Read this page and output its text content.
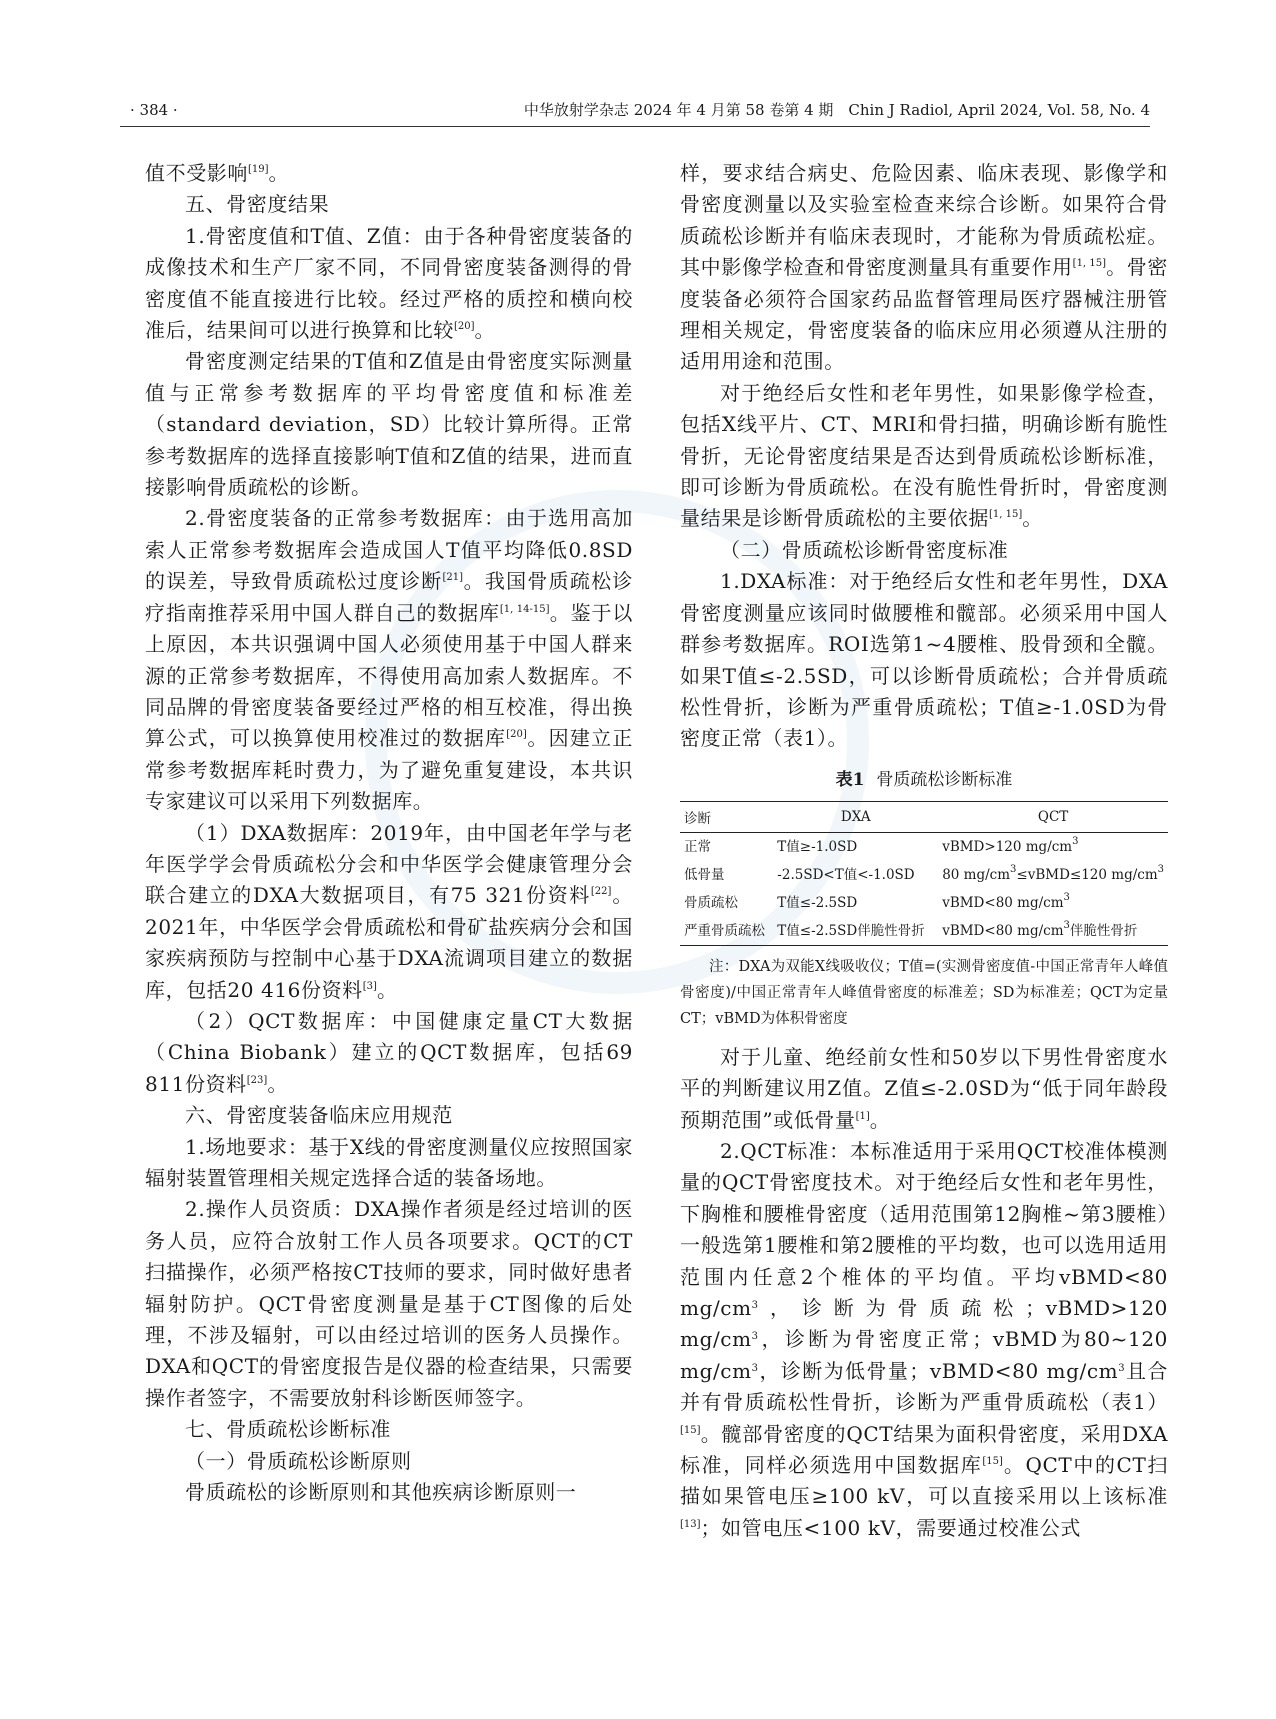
· 384 ·	中华放射学杂志 2024 年 4 月第 58 卷第 4 期　Chin J Radiol, April 2024, Vol. 58, No. 4

值不受影响[19]。

五、骨密度结果

1.骨密度值和T值、Z值：由于各种骨密度装备的成像技术和生产厂家不同，不同骨密度装备测得的骨密度值不能直接进行比较。经过严格的质控和横向校准后，结果间可以进行换算和比较[20]。

骨密度测定结果的T值和Z值是由骨密度实际测量值与正常参考数据库的平均骨密度值和标准差（standard deviation，SD）比较计算所得。正常参考数据库的选择直接影响T值和Z值的结果，进而直接影响骨质疏松的诊断。

2.骨密度装备的正常参考数据库：由于选用高加索人正常参考数据库会造成国人T值平均降低0.8SD的误差，导致骨质疏松过度诊断[21]。我国骨质疏松诊疗指南推荐采用中国人群自己的数据库[1, 14-15]。鉴于以上原因，本共识强调中国人必须使用基于中国人群来源的正常参考数据库，不得使用高加索人数据库。不同品牌的骨密度装备要经过严格的相互校准，得出换算公式，可以换算使用校准过的数据库[20]。因建立正常参考数据库耗时费力，为了避免重复建设，本共识专家建议可以采用下列数据库。

（1）DXA数据库：2019年，由中国老年学与老年医学学会骨质疏松分会和中华医学会健康管理分会联合建立的DXA大数据项目，有75 321份资料[22]。2021年，中华医学会骨质疏松和骨矿盐疾病分会和国家疾病预防与控制中心基于DXA流调项目建立的数据库，包括20 416份资料[3]。

（2）QCT数据库：中国健康定量CT大数据（China Biobank）建立的QCT数据库，包括69 811份资料[23]。

六、骨密度装备临床应用规范

1.场地要求：基于X线的骨密度测量仪应按照国家辐射装置管理相关规定选择合适的装备场地。

2.操作人员资质：DXA操作者须是经过培训的医务人员，应符合放射工作人员各项要求。QCT的CT扫描操作，必须严格按CT技师的要求，同时做好患者辐射防护。QCT骨密度测量是基于CT图像的后处理，不涉及辐射，可以由经过培训的医务人员操作。DXA和QCT的骨密度报告是仪器的检查结果，只需要操作者签字，不需要放射科诊断医师签字。

七、骨质疏松诊断标准

（一）骨质疏松诊断原则

骨质疏松的诊断原则和其他疾病诊断原则一

样，要求结合病史、危险因素、临床表现、影像学和骨密度测量以及实验室检查来综合诊断。如果符合骨质疏松诊断并有临床表现时，才能称为骨质疏松症。其中影像学检查和骨密度测量具有重要作用[1, 15]。骨密度装备必须符合国家药品监督管理局医疗器械注册管理相关规定，骨密度装备的临床应用必须遵从注册的适用用途和范围。

对于绝经后女性和老年男性，如果影像学检查，包括X线平片、CT、MRI和骨扫描，明确诊断有脆性骨折，无论骨密度结果是否达到骨质疏松诊断标准，即可诊断为骨质疏松。在没有脆性骨折时，骨密度测量结果是诊断骨质疏松的主要依据[1, 15]。

（二）骨质疏松诊断骨密度标准

1.DXA标准：对于绝经后女性和老年男性，DXA骨密度测量应该同时做腰椎和髋部。必须采用中国人群参考数据库。ROI选第1~4腰椎、股骨颈和全髋。如果T值≤-2.5SD，可以诊断骨质疏松；合并骨质疏松性骨折，诊断为严重骨质疏松；T值≥-1.0SD为骨密度正常（表1）。

表1 骨质疏松诊断标准
诊断	DXA	QCT
正常	T值≥-1.0SD	vBMD>120 $mg/cm^3$
低骨量	-2.5SD<T值<-1.0SD	80 $mg/cm^3\le vBMD\le 120$ $mg/cm^3$
骨质疏松	T值≤-2.5SD	vBMD<80 $mg/cm^3$
严重骨质疏松	T值≤-2.5SD伴脆性骨折	vBMD<80 $mg/cm^3$伴脆性骨折
注：DXA为双能X线吸收仪；T值=(实测骨密度值-中国正常青年人峰值骨密度)/中国正常青年人峰值骨密度的标准差；SD为标准差；QCT为定量CT；vBMD为体积骨密度

对于儿童、绝经前女性和50岁以下男性骨密度水平的判断建议用Z值。Z值≤-2.0SD为“低于同年龄段预期范围”或低骨量[1]。

2.QCT标准：本标准适用于采用QCT校准体模测量的QCT骨密度技术。对于绝经后女性和老年男性，下胸椎和腰椎骨密度（适用范围第12胸椎~第3腰椎）一般选第1腰椎和第2腰椎的平均数，也可以选用适用范围内任意2个椎体的平均值。平均vBMD<80 $mg/cm^3$，诊断为骨质疏松；vBMD>120 $mg/cm^3$，诊断为骨密度正常；vBMD为80~120 $mg/cm^3$，诊断为低骨量；vBMD<80 $mg/cm^3$且合并有骨质疏松性骨折，诊断为严重骨质疏松（表1）[15]。髋部骨密度的QCT结果为面积骨密度，采用DXA标准，同样必须选用中国数据库[15]。QCT中的CT扫描如果管电压≥100 kV，可以直接采用以上该标准[13]；如管电压<100 kV，需要通过校准公式
